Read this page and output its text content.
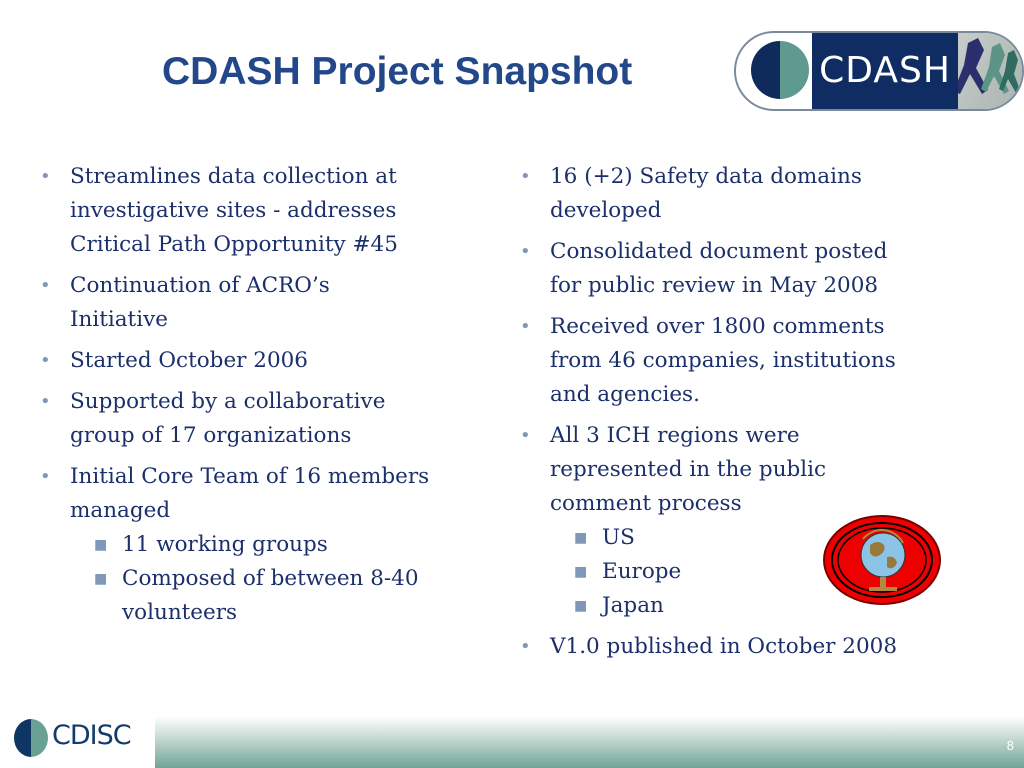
CDASH Project Snapshot	CDASH
• Streamlines data collection at
investigative sites - addresses
Critical Path Opportunity #45
• Continuation of ACRO’s
Initiative
• Started October 2006
• Supported by a collaborative
group of 17 organizations
• Initial Core Team of 16 members
managed
■ 11 working groups
■ Composed of between 8-40
volunteers
• 16 (+2) Safety data domains
developed
• Consolidated document posted
for public review in May 2008
• Received over 1800 comments
from 46 companies, institutions
and agencies.
• All 3 ICH regions were
represented in the public
comment process
■ US
■ Europe
■ Japan
• V1.0 published in October 2008
CDISC	8
